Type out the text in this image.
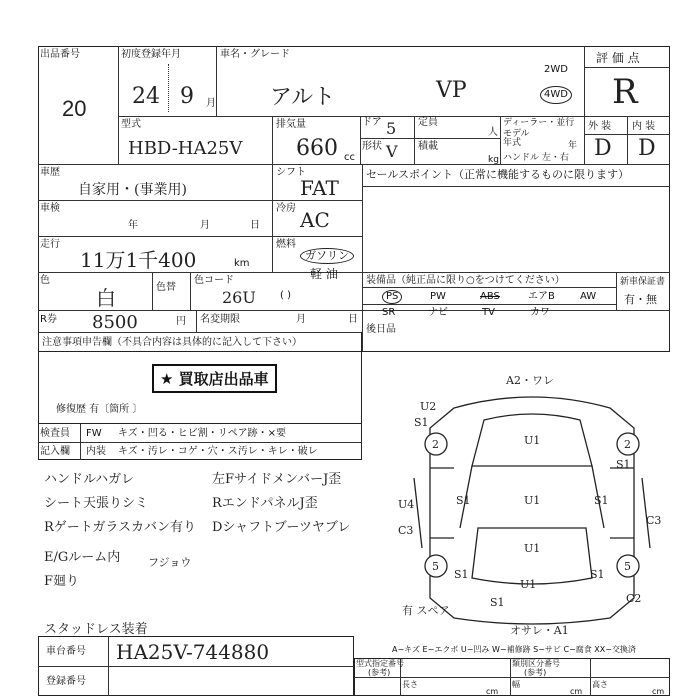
出品番号
20
初度登録年月
24 9 月
車名・グレード
アルト	VP
2WD
4WD
評 価 点
R
外 装 内 装
D D
型式
HBD-HA25V
排気量
660 cc
ドア 5
形状 V
定員
人
積載
kg
ディーラー・並行
モデル
年式	年
ハンドル 左・右
車歴
自家用・(事業用)
シフト
FAT
セールスポイント（正常に機能するものに限ります）
車検
年	月	日
冷房 AC
走行
11万1千400	km
燃料
ガソリン
軽 油
( )
色
白	色替
色コード
26U
装備品（純正品に限り○をつけてください）	新車保証書
有・無
PS	PW	ABS	エアB	AW
SR	ナビ	TV	カワ
R券 8500	円 名変期限	月	日
後日品
注意事項申告欄（不具合内容は具体的に記入して下さい）
★ 買取店出品車
修復歴 有〔箇所 〕
検査員
記入欄
FW キズ・凹る・ヒビ割・リペア跡・×要
内装 キズ・汚レ・コゲ・穴・ス汚レ・キレ・破レ
ハンドルハガレ
シート天張りシミ
Rゲートガラスカバン有り
E/Gルーム内
F廻り
左FサイドメンバーJ歪
RエンドパネルJ歪
Dシャフトブーツヤブレ
フジョウ
スタッドレス装着
2	2
5	5
A2・ワレ
U2
S1
U1
S1
S1	U1	S1
U4
C3
U1
S1	S1
U1
S1
C3
C2
有 スペア
オサレ・A1
A−キズ E−エクボ U−凹み W−補修跡 S−サビ C−腐食 XX−交換済
車台番号 HA25V-744880
登録番号
型式指定番号
(参考)
類別区分番号
(参考)
長さ	幅	高さ
cm	cm	cm
